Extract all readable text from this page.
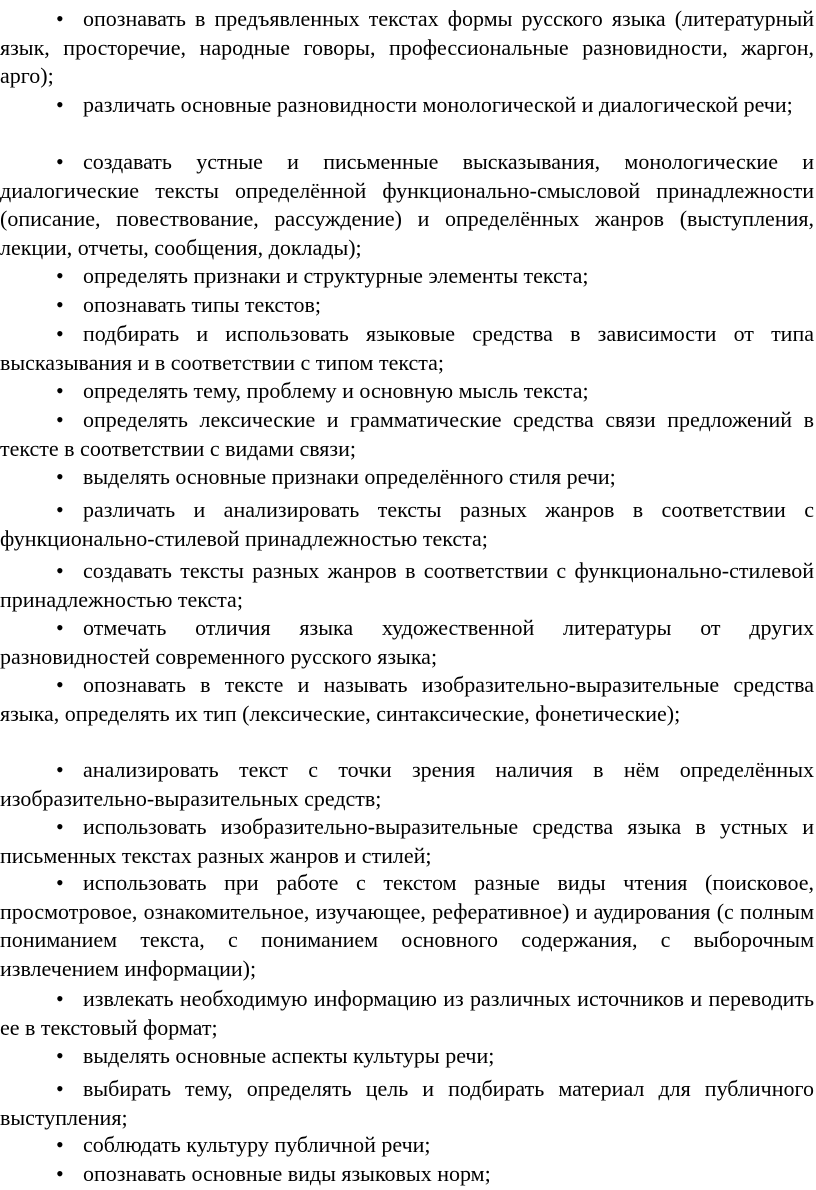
• опознавать в предъявленных текстах формы русского языка (литературный язык, просторечие, народные говоры, профессиональные разновидности, жаргон, арго);

• различать основные разновидности монологической и диалогической речи;

• создавать устные и письменные высказывания, монологические и диалогические тексты определённой функционально-смысловой принадлежности (описание, повествование, рассуждение) и определённых жанров (выступления, лекции, отчеты, сообщения, доклады);

• определять признаки и структурные элементы текста;

• опознавать типы текстов;

• подбирать и использовать языковые средства в зависимости от типа высказывания и в соответствии с типом текста;

• определять тему, проблему и основную мысль текста;

• определять лексические и грамматические средства связи предложений в тексте в соответствии с видами связи;

• выделять основные признаки определённого стиля речи;

• различать и анализировать тексты разных жанров в соответствии с функционально-стилевой принадлежностью текста;

• создавать тексты разных жанров в соответствии с функционально-стилевой принадлежностью текста;

• отмечать отличия языка художественной литературы от других разновидностей современного русского языка;

• опознавать в тексте и называть изобразительно-выразительные средства языка, определять их тип (лексические, синтаксические, фонетические);

• анализировать текст с точки зрения наличия в нём определённых изобразительно-выразительных средств;

• использовать изобразительно-выразительные средства языка в устных и письменных текстах разных жанров и стилей;

• использовать при работе с текстом разные виды чтения (поисковое, просмотровое, ознакомительное, изучающее, реферативное) и аудирования (с полным пониманием текста, с пониманием основного содержания, с выборочным извлечением информации);

• извлекать необходимую информацию из различных источников и переводить ее в текстовый формат;

• выделять основные аспекты культуры речи;

• выбирать тему, определять цель и подбирать материал для публичного выступления;

• соблюдать культуру публичной речи;

• опознавать основные виды языковых норм;
